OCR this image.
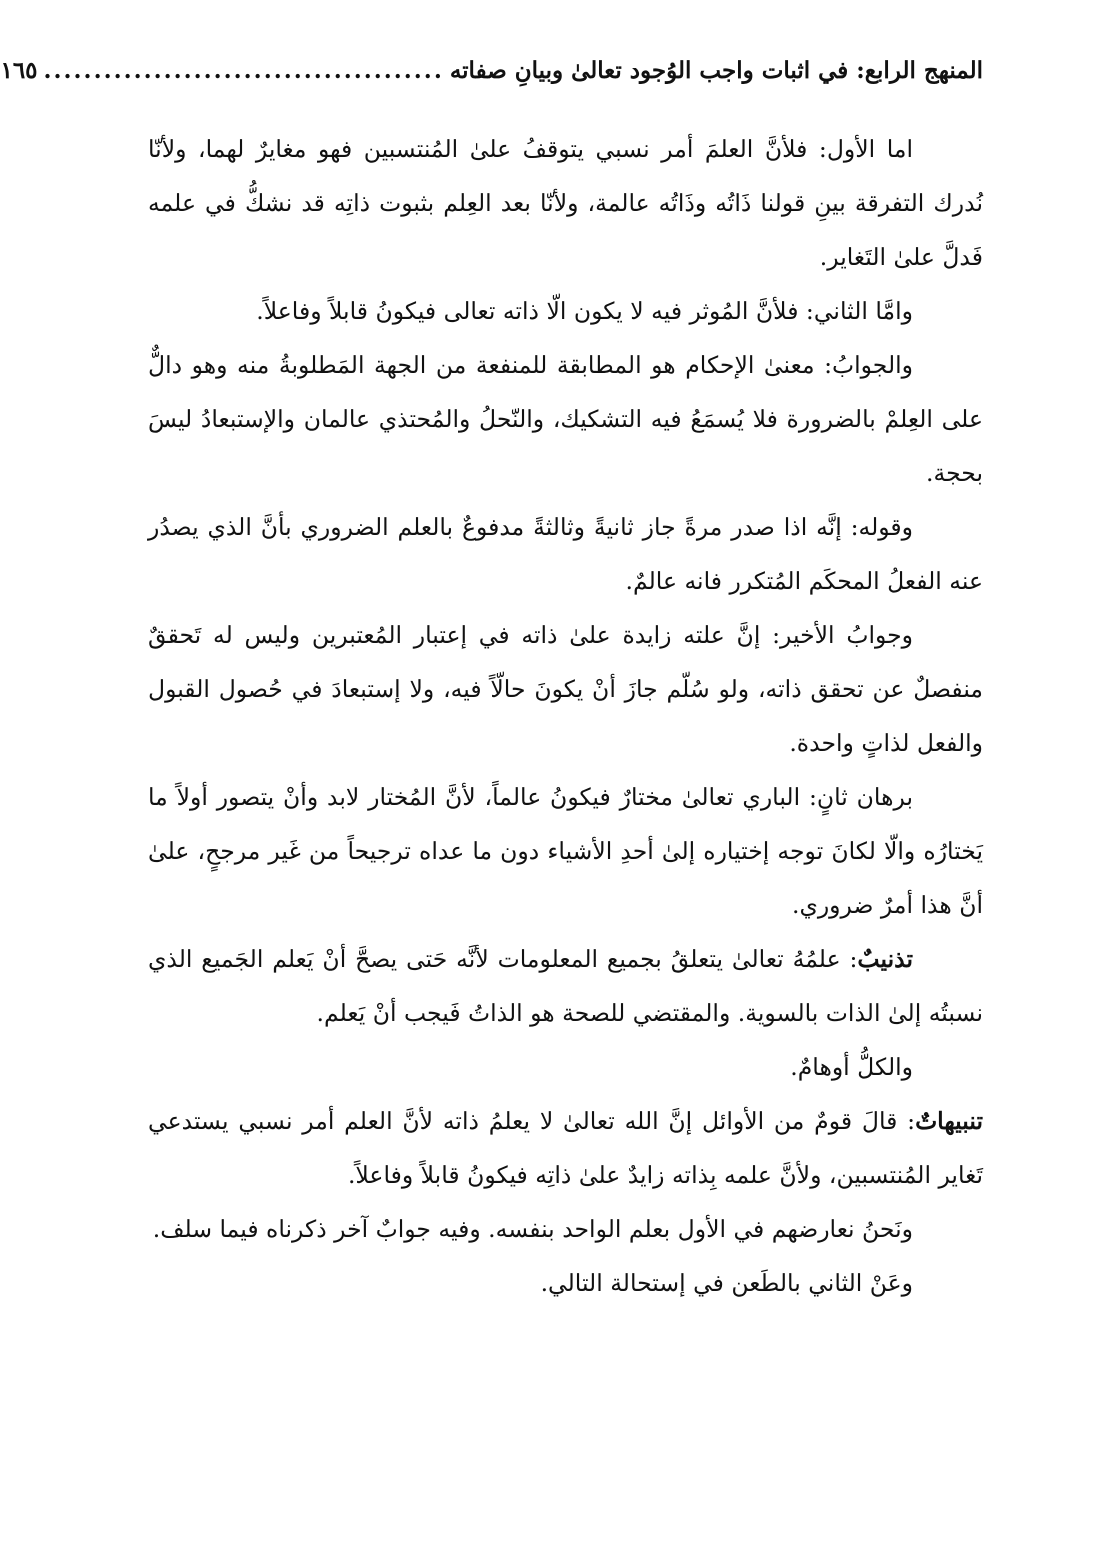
المنهج الرابع: في اثبات واجب الوُجود تعالىٰ وبيانِ صفاته
........................................
١٦٥

اما الأول: فلأنَّ العلمَ أمر نسبي يتوقفُ علىٰ المُنتسبين فهو مغايرٌ لهما، ولأنّا نُدرك التفرقة بينِ قولنا ذَاتُه وذَاتُه عالمة، ولأنّا بعد العِلم بثبوت ذاتِه قد نشكُّ في علمه فَدلَّ علىٰ التَغاير.

وامَّا الثاني: فلأنَّ المُوثر فيه لا يكون الّا ذاته تعالى فيكونُ قابلاً وفاعلاً.

والجوابُ: معنىٰ الإحكام هو المطابقة للمنفعة من الجهة المَطلوبةُ منه وهو دالٌّ على العِلمْ بالضرورة فلا يُسمَعُ فيه التشكيك، والنّحلُ والمُحتذي عالمان والإستبعادُ ليسَ بحجة.

وقوله: إنَّه اذا صدر مرةً جاز ثانيةً وثالثةً مدفوعٌ بالعلم الضروري بأنَّ الذي يصدُر عنه الفعلُ المحكَم المُتكرر فانه عالمٌ.

وجوابُ الأخير: إنَّ علته زايدة علىٰ ذاته في إعتبار المُعتبرين وليس له تَحققٌ منفصلٌ عن تحقق ذاته، ولو سُلّم جازَ أنْ يكونَ حالّاً فيه، ولا إستبعادَ في حُصول القبول والفعل لذاتٍ واحدة.

برهان ثانٍ: الباري تعالىٰ مختارٌ فيكونُ عالماً، لأنَّ المُختار لابد وأنْ يتصور أولاً ما يَختارُه والّا لكانَ توجه إختياره إلىٰ أحدِ الأشياء دون ما عداه ترجيحاً من غَير مرجحٍ، علىٰ أنَّ هذا أمرٌ ضروري.

تذنيبٌ: علمُهُ تعالىٰ يتعلقُ بجميع المعلومات لأنَّه حَتى يصحَّ أنْ يَعلم الجَميع الذي نسبتُه إلىٰ الذات بالسوية. والمقتضي للصحة هو الذاتُ فَيجب أنْ يَعلم.

والكلُّ أوهامٌ.

تنبيهاتٌ: قالَ قومٌ من الأوائل إنَّ الله تعالىٰ لا يعلمُ ذاته لأنَّ العلم أمر نسبي يستدعي تَغاير المُنتسبين، ولأنَّ علمه بِذاته زايدٌ علىٰ ذاتِه فيكونُ قابلاً وفاعلاً.

ونَحنُ نعارضهم في الأول بعلم الواحد بنفسه. وفيه جوابٌ آخر ذكرناه فيما سلف.

وعَنْ الثاني بالطَعن في إستحالة التالي.
